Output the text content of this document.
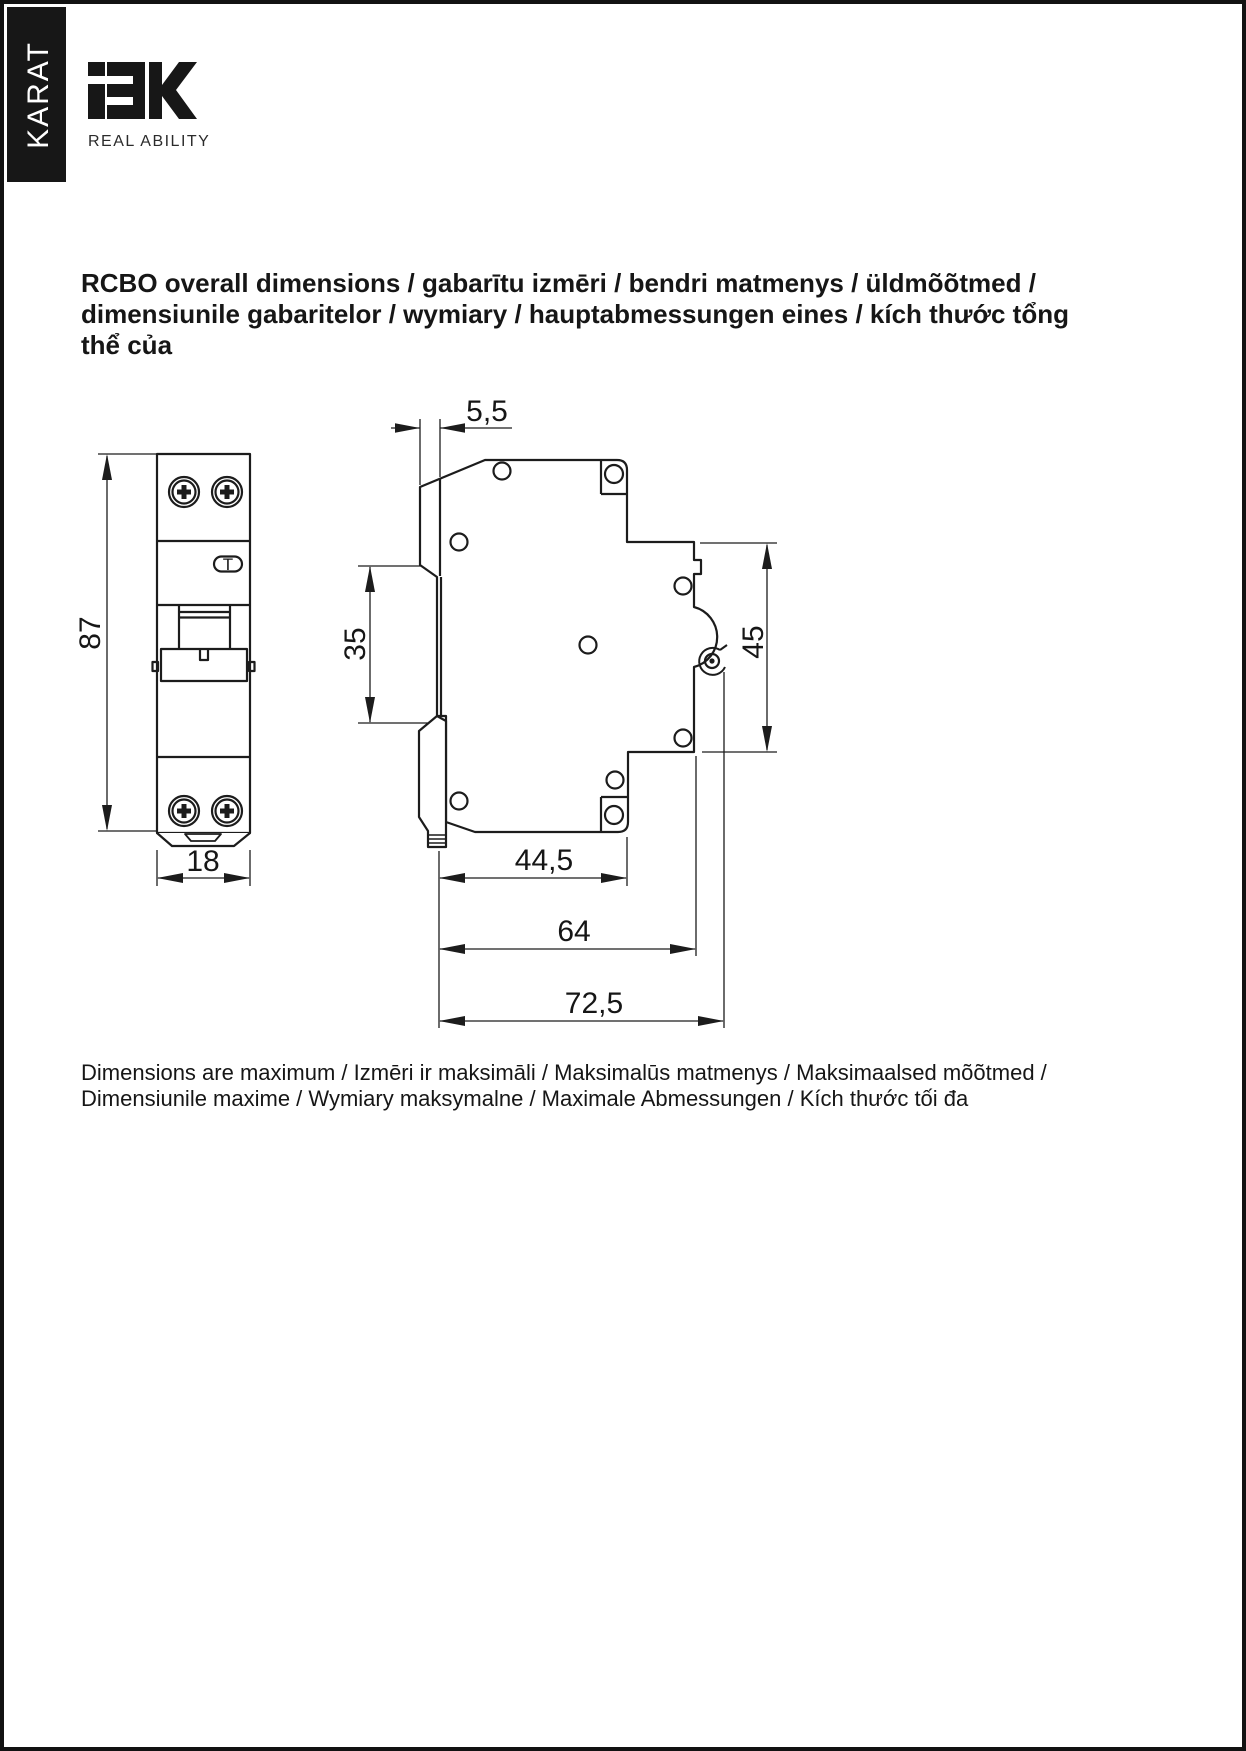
KARAT REAL ABILITY
87
18
5,5
35	45
44,5
64
72,5
T
RCBO overall dimensions / gabarītu izmēri / bendri matmenys / üldmõõtmed /
dimensiunile gabaritelor / wymiary / hauptabmessungen eines / kích thước tổng thể của
Dimensions are maximum / Izmēri ir maksimāli / Maksimalūs matmenys / Maksimaalsed mõõtmed /
Dimensiunile maxime / Wymiary maksymalne / Maximale Abmessungen / Kích thước tối đa
